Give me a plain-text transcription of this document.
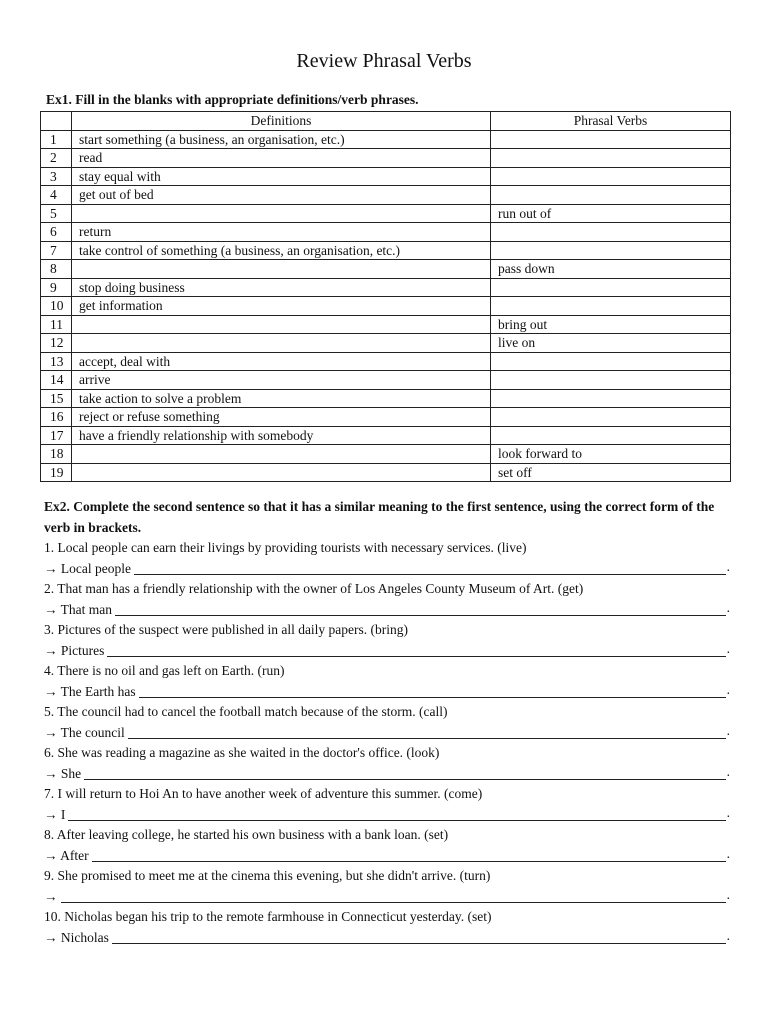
Review Phrasal Verbs
Ex1. Fill in the blanks with appropriate definitions/verb phrases.
	Definitions	Phrasal Verbs
1	start something (a business, an organisation, etc.)	
2	read	
3	stay equal with	
4	get out of bed	
5		run out of
6	return	
7	take control of something (a business, an organisation, etc.)	
8		pass down
9	stop doing business	
10	get information	
11		bring out
12		live on
13	accept, deal with	
14	arrive	
15	take action to solve a problem	
16	reject or refuse something	
17	have a friendly relationship with somebody	
18		look forward to
19		set off
Ex2. Complete the second sentence so that it has a similar meaning to the first sentence, using the correct form of the verb in brackets.
1. Local people can earn their livings by providing tourists with necessary services. (live)
→ Local people	.
2. That man has a friendly relationship with the owner of Los Angeles County Museum of Art. (get)
→ That man	.
3. Pictures of the suspect were published in all daily papers. (bring)
→ Pictures	.
4. There is no oil and gas left on Earth. (run)
→ The Earth has	.
5. The council had to cancel the football match because of the storm. (call)
→ The council	.
6. She was reading a magazine as she waited in the doctor's office. (look)
→ She	.
7. I will return to Hoi An to have another week of adventure this summer. (come)
→ I	.
8. After leaving college, he started his own business with a bank loan. (set)
→ After	.
9. She promised to meet me at the cinema this evening, but she didn't arrive. (turn)
→	.
10. Nicholas began his trip to the remote farmhouse in Connecticut yesterday. (set)
→ Nicholas	.
